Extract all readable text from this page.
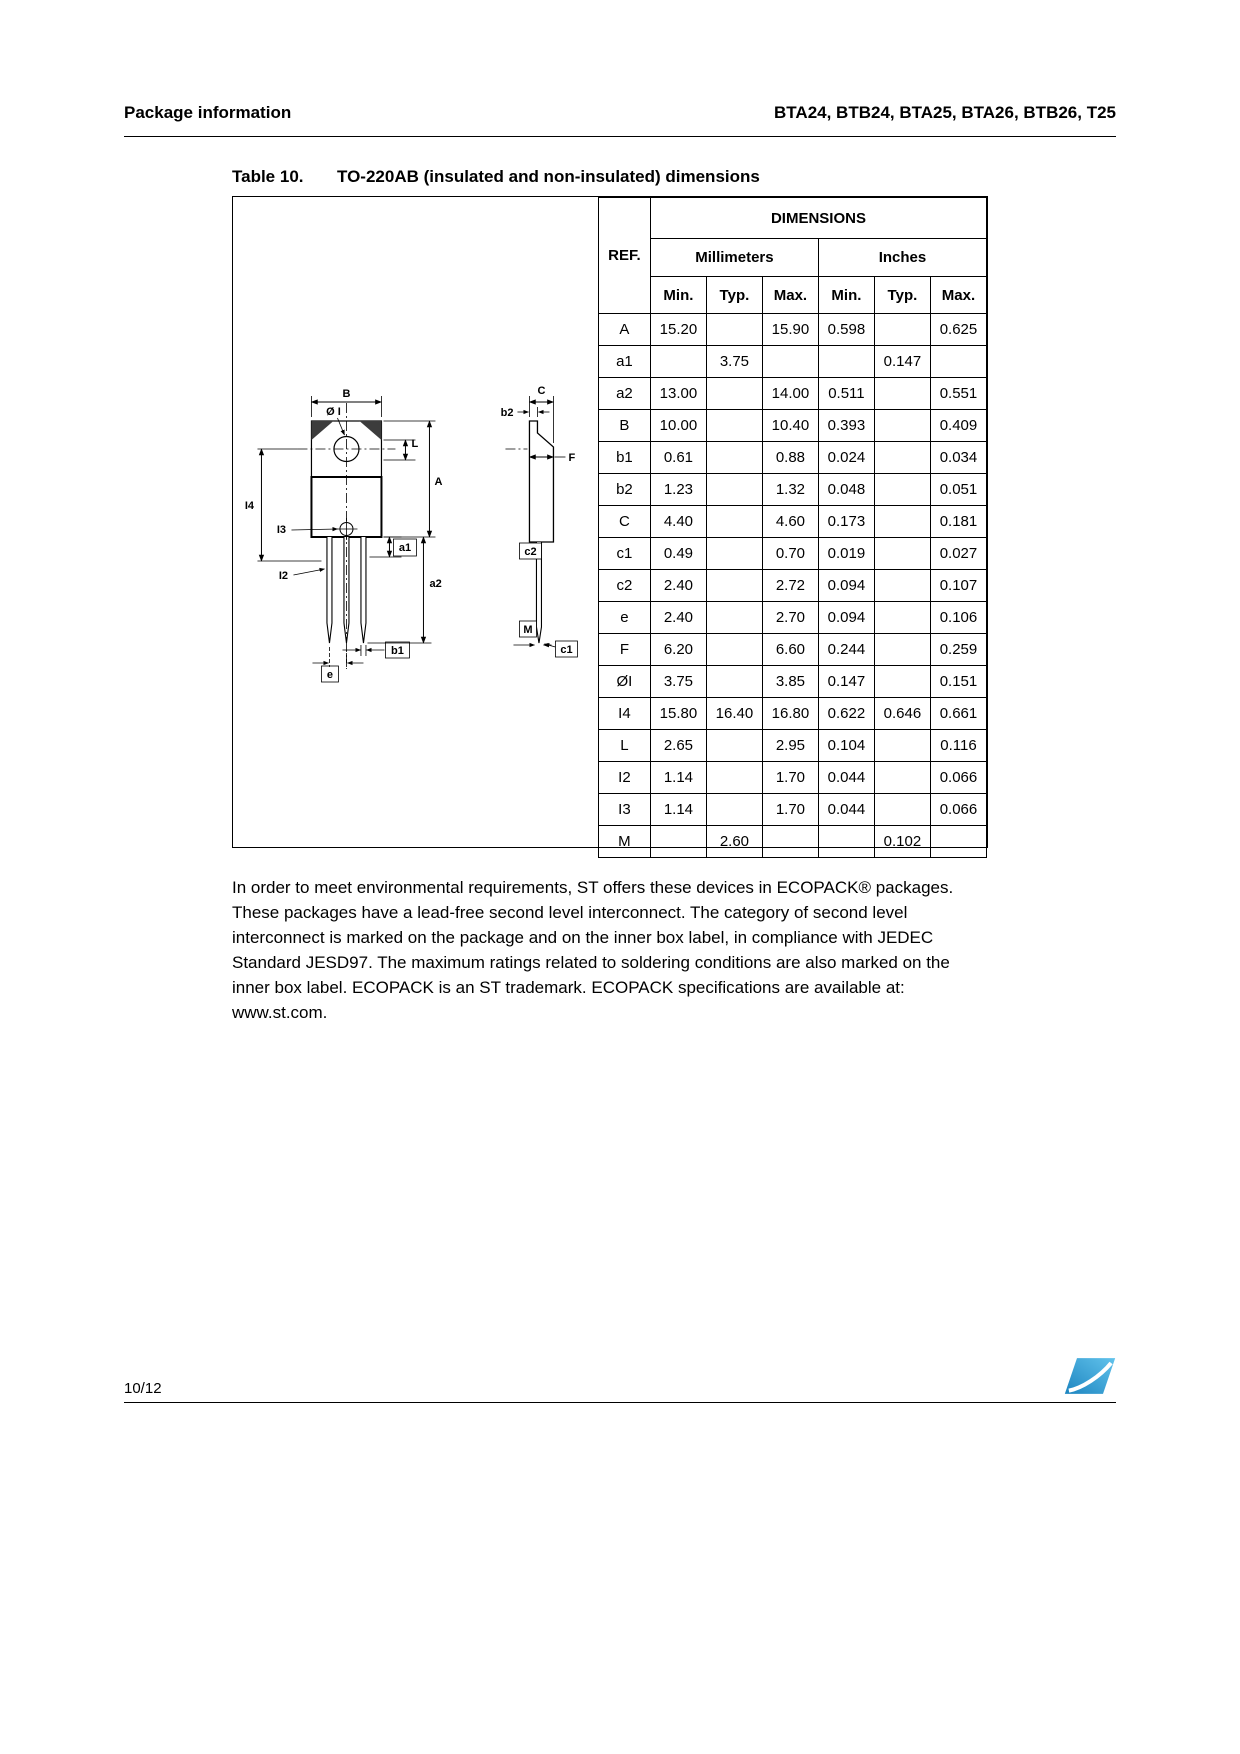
Package information	BTA24, BTB24, BTA25, BTA26, BTB26, T25
Table 10. TO-220AB (insulated and non-insulated) dimensions
B
Ø I
L
A
I4
I3
I2
a1
a2
b1
e
C
b2
F
c2
M
c1
REF.	DIMENSIONS					
	Millimeters			Inches		
	Min.	Typ.	Max.	Min.	Typ.	Max.
A	15.20		15.90	0.598		0.625
a1		3.75			0.147	
a2	13.00		14.00	0.511		0.551
B	10.00		10.40	0.393		0.409
b1	0.61		0.88	0.024		0.034
b2	1.23		1.32	0.048		0.051
C	4.40		4.60	0.173		0.181
c1	0.49		0.70	0.019		0.027
c2	2.40		2.72	0.094		0.107
e	2.40		2.70	0.094		0.106
F	6.20		6.60	0.244		0.259
ØI	3.75		3.85	0.147		0.151
I4	15.80	16.40	16.80	0.622	0.646	0.661
L	2.65		2.95	0.104		0.116
I2	1.14		1.70	0.044		0.066
I3	1.14		1.70	0.044		0.066
M		2.60			0.102	

In order to meet environmental requirements, ST offers these devices in ECOPACK® packages. These packages have a lead-free second level interconnect. The category of second level interconnect is marked on the package and on the inner box label, in compliance with JEDEC Standard JESD97. The maximum ratings related to soldering conditions are also marked on the inner box label. ECOPACK is an ST trademark. ECOPACK specifications are available at: www.st.com.

10/12
